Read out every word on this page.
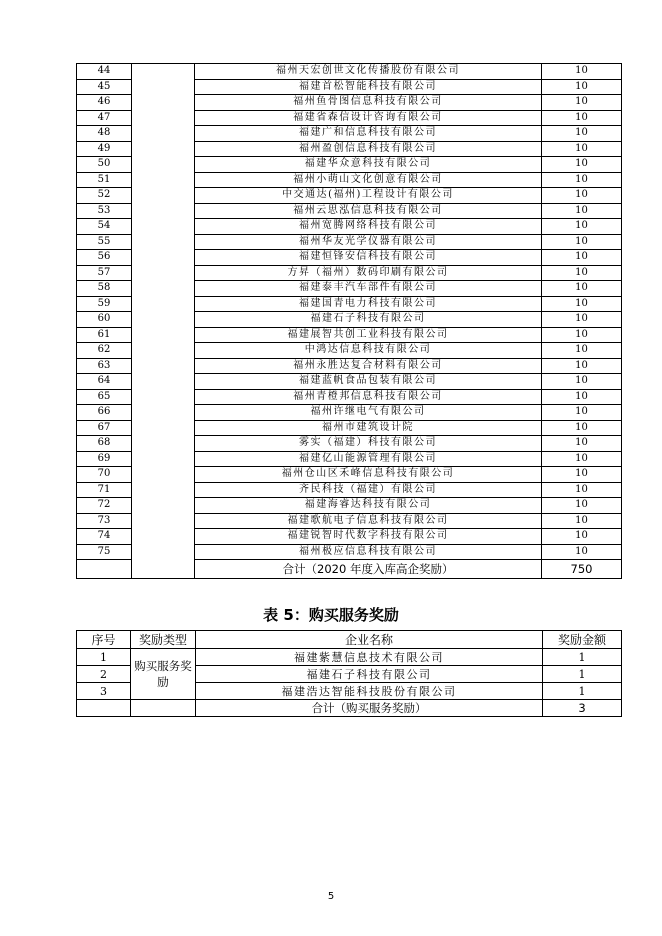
44		福州天宏创世文化传播股份有限公司	10
45		福建首松智能科技有限公司	10
46		福州鱼骨图信息科技有限公司	10
47		福建省森信设计咨询有限公司	10
48		福建广和信息科技有限公司	10
49		福州盈创信息科技有限公司	10
50		福建华众意科技有限公司	10
51		福州小萌山文化创意有限公司	10
52		中交通达(福州)工程设计有限公司	10
53		福州云思泓信息科技有限公司	10
54		福州宽腾网络科技有限公司	10
55		福州华友光学仪器有限公司	10
56		福建恒锋安信科技有限公司	10
57		方昇（福州）数码印刷有限公司	10
58		福建泰丰汽车部件有限公司	10
59		福建国青电力科技有限公司	10
60		福建石子科技有限公司	10
61		福建展智共创工业科技有限公司	10
62		中鸿达信息科技有限公司	10
63		福州永胜达复合材料有限公司	10
64		福建蓝帆食品包装有限公司	10
65		福州青橙邦信息科技有限公司	10
66		福州许继电气有限公司	10
67		福州市建筑设计院	10
68		雾实（福建）科技有限公司	10
69		福建亿山能源管理有限公司	10
70		福州仓山区禾峰信息科技有限公司	10
71		齐民科技（福建）有限公司	10
72		福建海睿达科技有限公司	10
73		福建歌航电子信息科技有限公司	10
74		福建锐智时代数字科技有限公司	10
75		福州极应信息科技有限公司	10
		合计（2020 年度入库高企奖励）	750
表 5：购买服务奖励
序号	奖励类型	企业名称	奖励金额
1	购买服务奖励	福建紫慧信息技术有限公司	1
2		福建石子科技有限公司	1
3		福建浩达智能科技股份有限公司	1
		合计（购买服务奖励）	3
5
